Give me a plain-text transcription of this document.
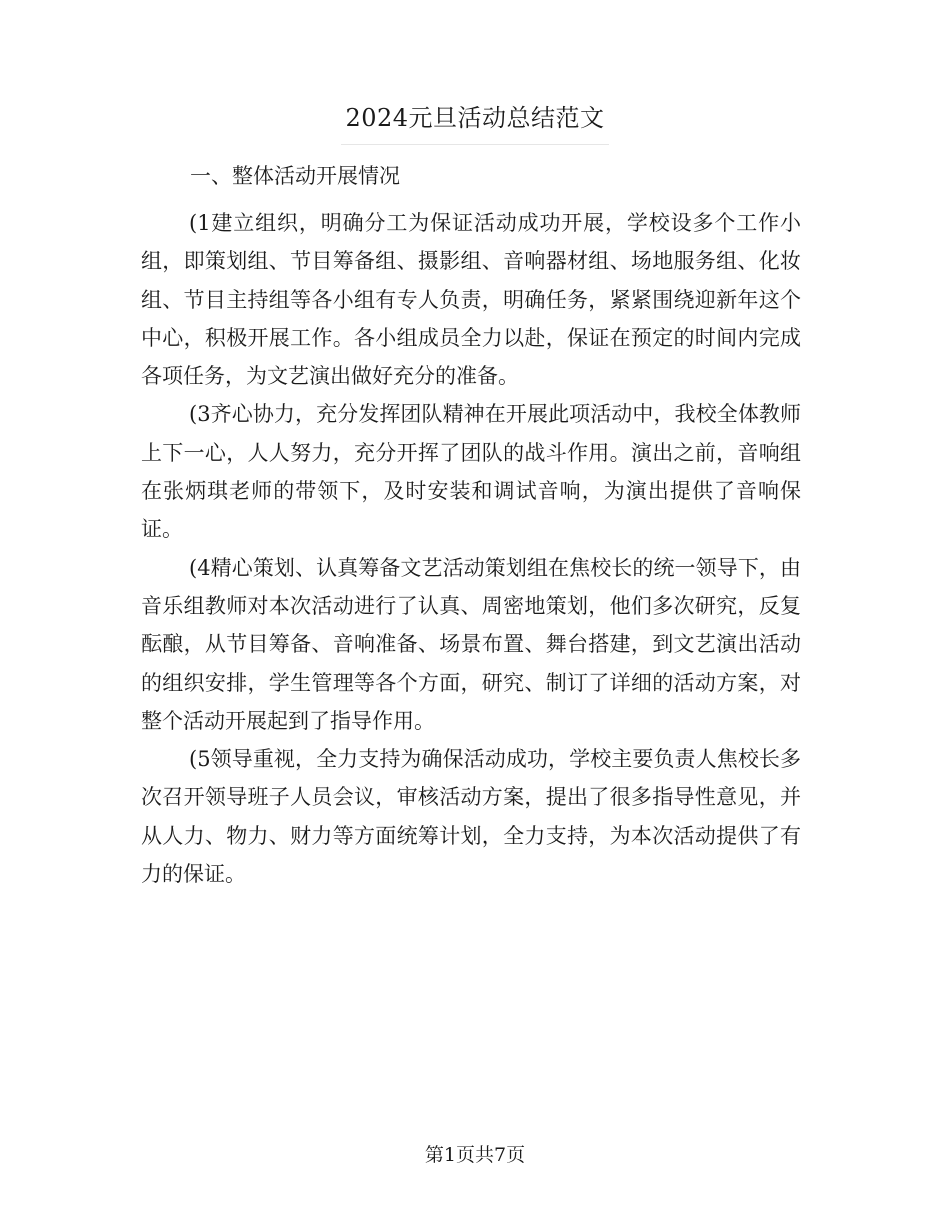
2024元旦活动总结范文
一、整体活动开展情况

(1建立组织，明确分工为保证活动成功开展，学校设多个工作小组，即策划组、节目筹备组、摄影组、音响器材组、场地服务组、化妆组、节目主持组等各小组有专人负责，明确任务，紧紧围绕迎新年这个中心，积极开展工作。各小组成员全力以赴，保证在预定的时间内完成各项任务，为文艺演出做好充分的准备。

(3齐心协力，充分发挥团队精神在开展此项活动中，我校全体教师上下一心，人人努力，充分开挥了团队的战斗作用。演出之前，音响组在张炳琪老师的带领下，及时安装和调试音响，为演出提供了音响保证。

(4精心策划、认真筹备文艺活动策划组在焦校长的统一领导下，由音乐组教师对本次活动进行了认真、周密地策划，他们多次研究，反复酝酿，从节目筹备、音响准备、场景布置、舞台搭建，到文艺演出活动的组织安排，学生管理等各个方面，研究、制订了详细的活动方案，对整个活动开展起到了指导作用。

(5领导重视，全力支持为确保活动成功，学校主要负责人焦校长多次召开领导班子人员会议，审核活动方案，提出了很多指导性意见，并从人力、物力、财力等方面统筹计划，全力支持，为本次活动提供了有力的保证。

第1页共7页
